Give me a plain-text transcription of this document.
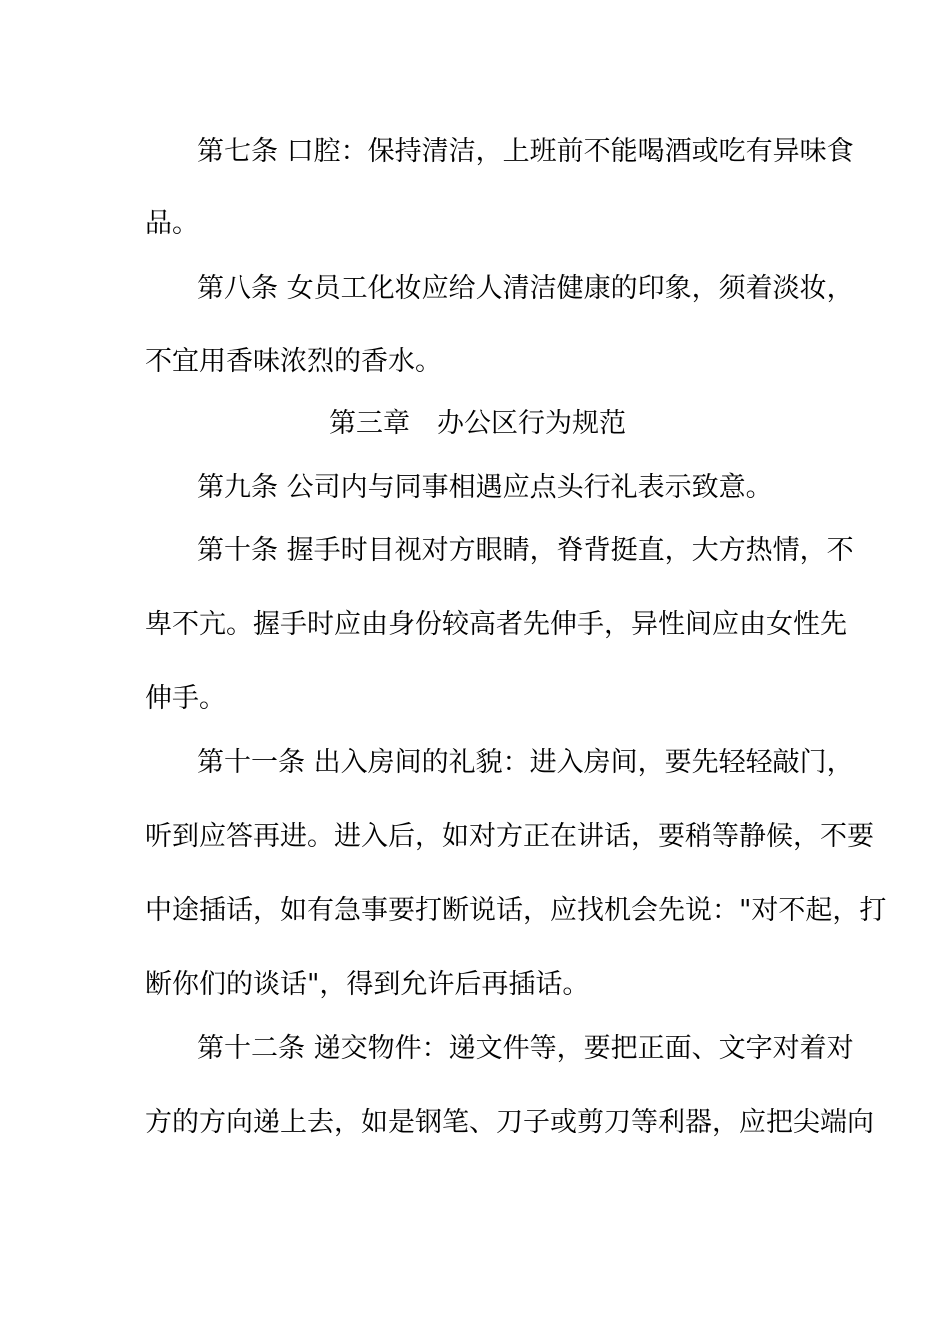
第七条 口腔：保持清洁，上班前不能喝酒或吃有异味食
品。
第八条 女员工化妆应给人清洁健康的印象，须着淡妆，
不宜用香味浓烈的香水。
第三章　办公区行为规范
第九条 公司内与同事相遇应点头行礼表示致意。
第十条 握手时目视对方眼睛，脊背挺直，大方热情，不
卑不亢。握手时应由身份较高者先伸手，异性间应由女性先
伸手。
第十一条 出入房间的礼貌：进入房间，要先轻轻敲门，
听到应答再进。进入后，如对方正在讲话，要稍等静候，不要
中途插话，如有急事要打断说话，应找机会先说："对不起，打
断你们的谈话"，得到允许后再插话。
第十二条 递交物件：递文件等，要把正面、文字对着对
方的方向递上去，如是钢笔、刀子或剪刀等利器，应把尖端向
